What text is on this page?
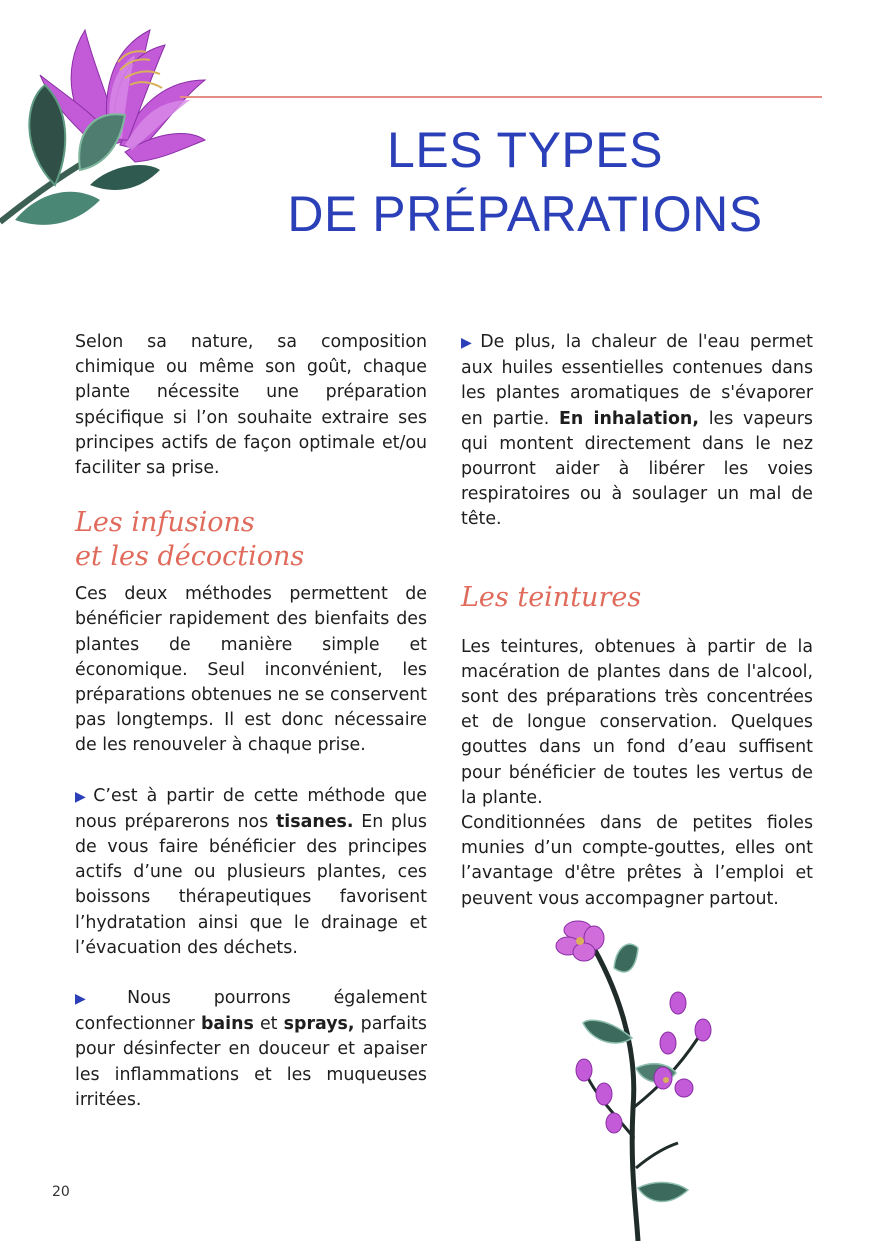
LES TYPES
DE PRÉPARATIONS

Selon sa nature, sa composition chimique ou même son goût, chaque plante nécessite une préparation spécifique si l’on souhaite extraire ses principes actifs de façon optimale et/ou faciliter sa prise.

Les infusions
et les décoctions

Ces deux méthodes permettent de bénéficier rapidement des bienfaits des plantes de manière simple et économique. Seul inconvénient, les préparations obtenues ne se conservent pas longtemps. Il est donc nécessaire de les renouveler à chaque prise.

▶ C’est à partir de cette méthode que nous préparerons nos tisanes. En plus de vous faire bénéficier des principes actifs d’une ou plusieurs plantes, ces boissons thérapeutiques favorisent l’hydratation ainsi que le drainage et l’évacuation des déchets.

▶ Nous pourrons également confectionner bains et sprays, parfaits pour désinfecter en douceur et apaiser les inflammations et les muqueuses irritées.

▶ De plus, la chaleur de l'eau permet aux huiles essentielles contenues dans les plantes aromatiques de s'évaporer en partie. En inhalation, les vapeurs qui montent directement dans le nez pourront aider à libérer les voies respiratoires ou à soulager un mal de tête.

Les teintures

Les teintures, obtenues à partir de la macération de plantes dans de l'alcool, sont des préparations très concentrées et de longue conservation. Quelques gouttes dans un fond d’eau suffisent pour bénéficier de toutes les vertus de la plante.

Conditionnées dans de petites fioles munies d’un compte-gouttes, elles ont l’avantage d'être prêtes à l’emploi et peuvent vous accompagner partout.

20
